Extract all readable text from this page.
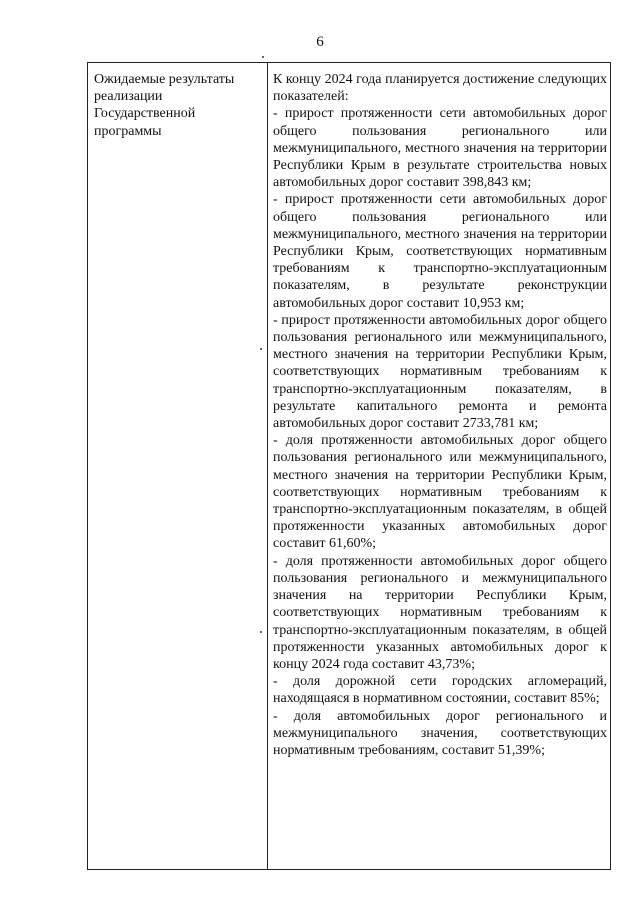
6
Ожидаемые результаты реализации Государственной программы

К концу 2024 года планируется достижение следующих показателей:

- прирост протяженности сети автомобильных дорог общего пользования регионального или межмуниципального, местного значения на территории Республики Крым в результате строительства новых автомобильных дорог составит 398,843 км;

- прирост протяженности сети автомобильных дорог общего пользования регионального или межмуниципального, местного значения на территории Республики Крым, соответствующих нормативным требованиям к транспортно-эксплуатационным показателям, в результате реконструкции автомобильных дорог составит 10,953 км;

- прирост протяженности автомобильных дорог общего пользования регионального или межмуниципального, местного значения на территории Республики Крым, соответствующих нормативным требованиям к транспортно-эксплуатационным показателям, в результате капитального ремонта и ремонта автомобильных дорог составит 2733,781 км;

- доля протяженности автомобильных дорог общего пользования регионального или межмуниципального, местного значения на территории Республики Крым, соответствующих нормативным требованиям к транспортно-эксплуатационным показателям, в общей протяженности указанных автомобильных дорог составит 61,60%;

- доля протяженности автомобильных дорог общего пользования регионального и межмуниципального значения на территории Республики Крым, соответствующих нормативным требованиям к транспортно-эксплуатационным показателям, в общей протяженности указанных автомобильных дорог к концу 2024 года составит 43,73%;

- доля дорожной сети городских агломераций, находящаяся в нормативном состоянии, составит 85%;

- доля автомобильных дорог регионального и межмуниципального значения, соответствующих нормативным требованиям, составит 51,39%;
